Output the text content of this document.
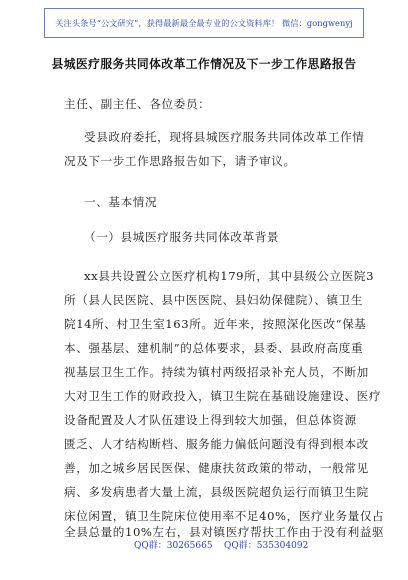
关注头条号“公文研究”，获得最新最全最专业的公文资料库！ 微信：gongwenyj
县城医疗服务共同体改革工作情况及下一步工作思路报告
主任、副主任、各位委员：
受县政府委托，现将县城医疗服务共同体改革工作情
况及下一步工作思路报告如下，请予审议。
一、基本情况
（一）县城医疗服务共同体改革背景
xx县共设置公立医疗机构179所，其中县级公立医院3
所（县人民医院、县中医医院、县妇幼保健院）、镇卫生
院14所、村卫生室163所。近年来，按照深化医改“保基
本、强基层、建机制”的总体要求，县委、县政府高度重
视基层卫生工作。持续为镇村两级招录补充人员，不断加
大对卫生工作的财政投入，镇卫生院在基础设施建设、医疗
设备配置及人才队伍建设上得到较大加强，但总体资源
匮乏、人才结构断档、服务能力偏低问题没有得到根本改
善，加之城乡居民医保、健康扶贫政策的带动，一般常见
病、多发病患者大量上流，县级医院超负运行而镇卫生院
床位闲置，镇卫生院床位使用率不足40%，医疗业务量仅占
全县总量的10%左右，县对镇医疗帮扶工作由于没有利益驱
QQ群：30265665 QQ群：535304092
